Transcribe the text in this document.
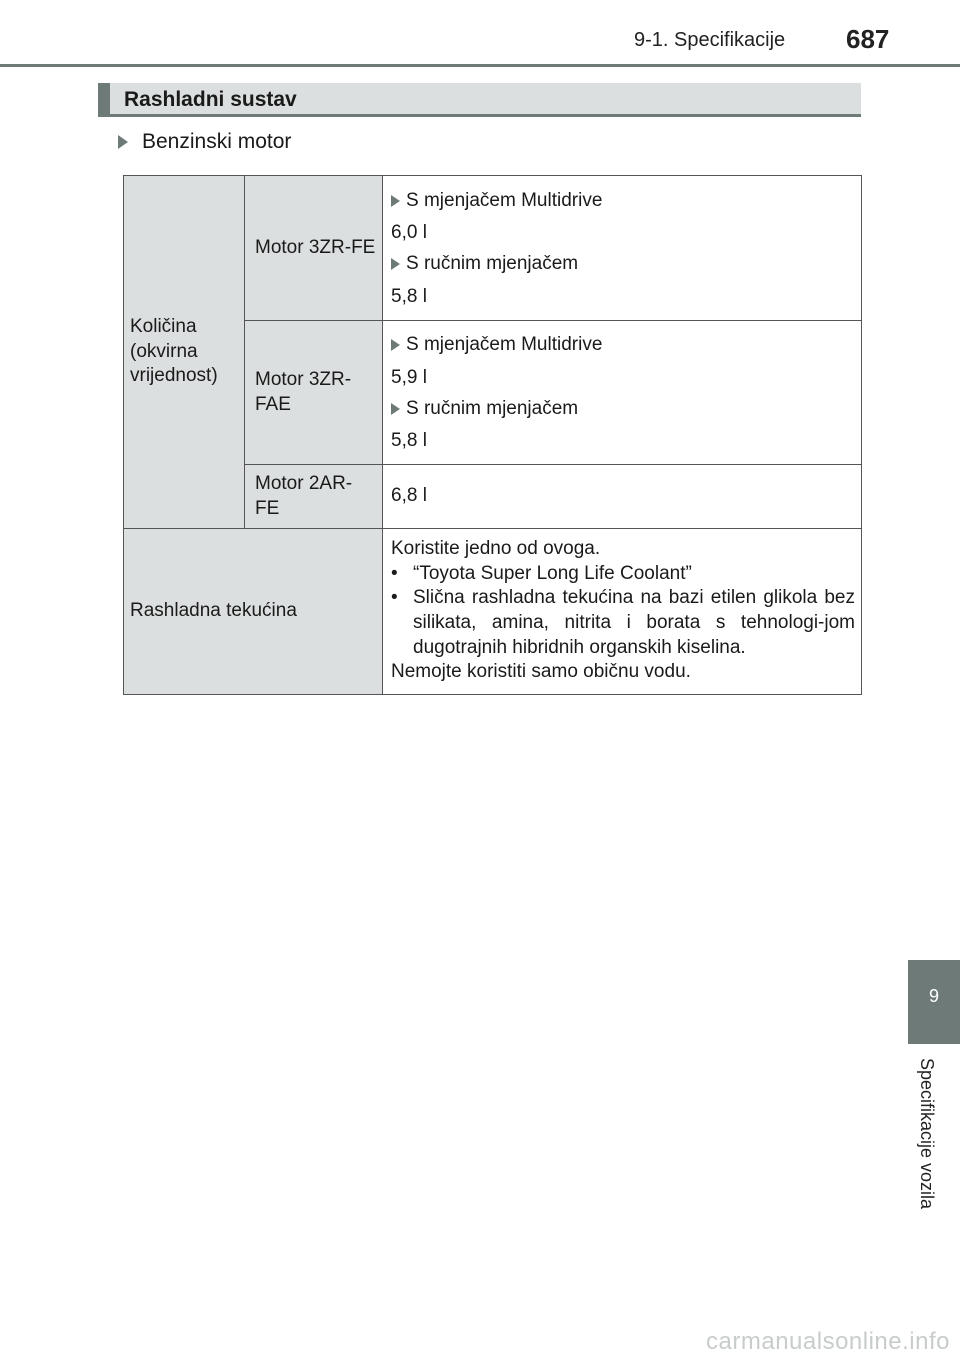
9-1. Specifikacije 687
Rashladni sustav
Benzinski motor
Količina (okvirna vrijednost)	Motor 3ZR-FE	S mjenjačem Multidrive
6,0 l
S ručnim mjenjačem
5,8 l

	Motor 3ZR-FAE	S mjenjačem Multidrive
5,9 l
S ručnim mjenjačem
5,8 l

	Motor 2AR-FE	6,8 l
Rashladna tekućina		Koristite jedno od ovoga.
• “Toyota Super Long Life Coolant”
• Slična rashladna tekućina na bazi etilen glikola bez silikata, amina, nitrita i borata s tehnologi-jom dugotrajnih hibridnih organskih kiselina.
Nemojte koristiti samo običnu vodu.
9
Specifikacije vozila
carmanualsonline.info
